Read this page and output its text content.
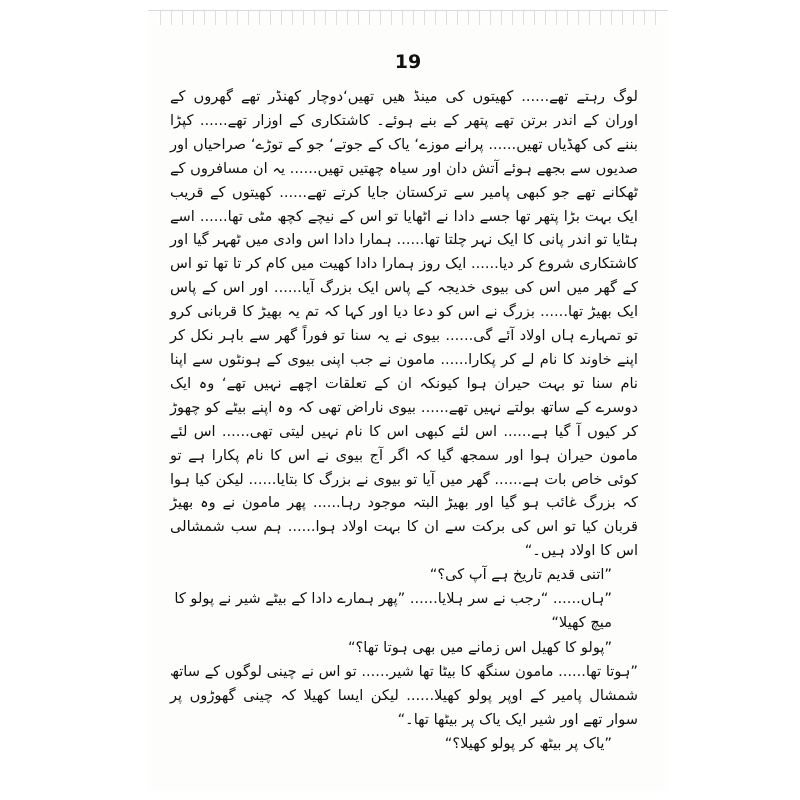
19

لوگ رہتے تھے...... کھیتوں کی مینڈ ھیں تھیں‘دوچار کھنڈر تھے گھروں کے اوران کے اندر برتن تھے پتھر کے بنے ہوئے۔ کاشتکاری کے اوزار تھے...... کپڑا بننے کی کھڈیاں تھیں...... پرانے موزے‘ یاک کے جوتے‘ جو کے توڑے‘ صراحیاں اور صدیوں سے بجھے ہوئے آتش دان اور سیاہ چھتیں تھیں...... یہ ان مسافروں کے ٹھکانے تھے جو کبھی پامیر سے ترکستان جایا کرتے تھے...... کھیتوں کے قریب ایک بہت بڑا پتھر تھا جسے دادا نے اٹھایا تو اس کے نیچے کچھ مٹی تھا...... اسے ہٹایا تو اندر پانی کا ایک نہر چلتا تھا...... ہمارا دادا اس وادی میں ٹھہر گیا اور کاشتکاری شروع کر دیا...... ایک روز ہمارا دادا کھیت میں کام کر تا تھا تو اس کے گھر میں اس کی بیوی خدیجہ کے پاس ایک بزرگ آیا...... اور اس کے پاس ایک بھیڑ تھا...... بزرگ نے اس کو دعا دیا اور کہا کہ تم یہ بھیڑ کا قربانی کرو تو تمہارے ہاں اولاد آئے گی...... بیوی نے یہ سنا تو فوراً گھر سے باہر نکل کر اپنے خاوند کا نام لے کر پکارا...... مامون نے جب اپنی بیوی کے ہونٹوں سے اپنا نام سنا تو بہت حیران ہوا کیونکہ ان کے تعلقات اچھے نہیں تھے‘ وہ ایک دوسرے کے ساتھ بولتے نہیں تھے...... بیوی ناراض تھی کہ وہ اپنے بیٹے کو چھوڑ کر کیوں آ گیا ہے...... اس لئے کبھی اس کا نام نہیں لیتی تھی...... اس لئے مامون حیران ہوا اور سمجھ گیا کہ اگر آج بیوی نے اس کا نام پکارا ہے تو کوئی خاص بات ہے...... گھر میں آیا تو بیوی نے بزرگ کا بتایا...... لیکن کیا ہوا کہ بزرگ غائب ہو گیا اور بھیڑ البتہ موجود رہا...... پھر مامون نے وہ بھیڑ قربان کیا تو اس کی برکت سے ان کا بہت اولاد ہوا...... ہم سب شمشالی اس کا اولاد ہیں۔“

”اتنی قدیم تاریخ ہے آپ کی؟“

”ہاں...... “رجب نے سر ہلایا...... ”پھر ہمارے دادا کے بیٹے شیر نے پولو کا میچ کھیلا“

”پولو کا کھیل اس زمانے میں بھی ہوتا تھا؟“

”ہوتا تھا...... مامون سنگھ کا بیٹا تھا شیر...... تو اس نے چینی لوگوں کے ساتھ شمشال پامیر کے اوپر پولو کھیلا...... لیکن ایسا کھیلا کہ چینی گھوڑوں پر سوار تھے اور شیر ایک یاک پر بیٹھا تھا۔“

”یاک پر بیٹھ کر پولو کھیلا؟“
